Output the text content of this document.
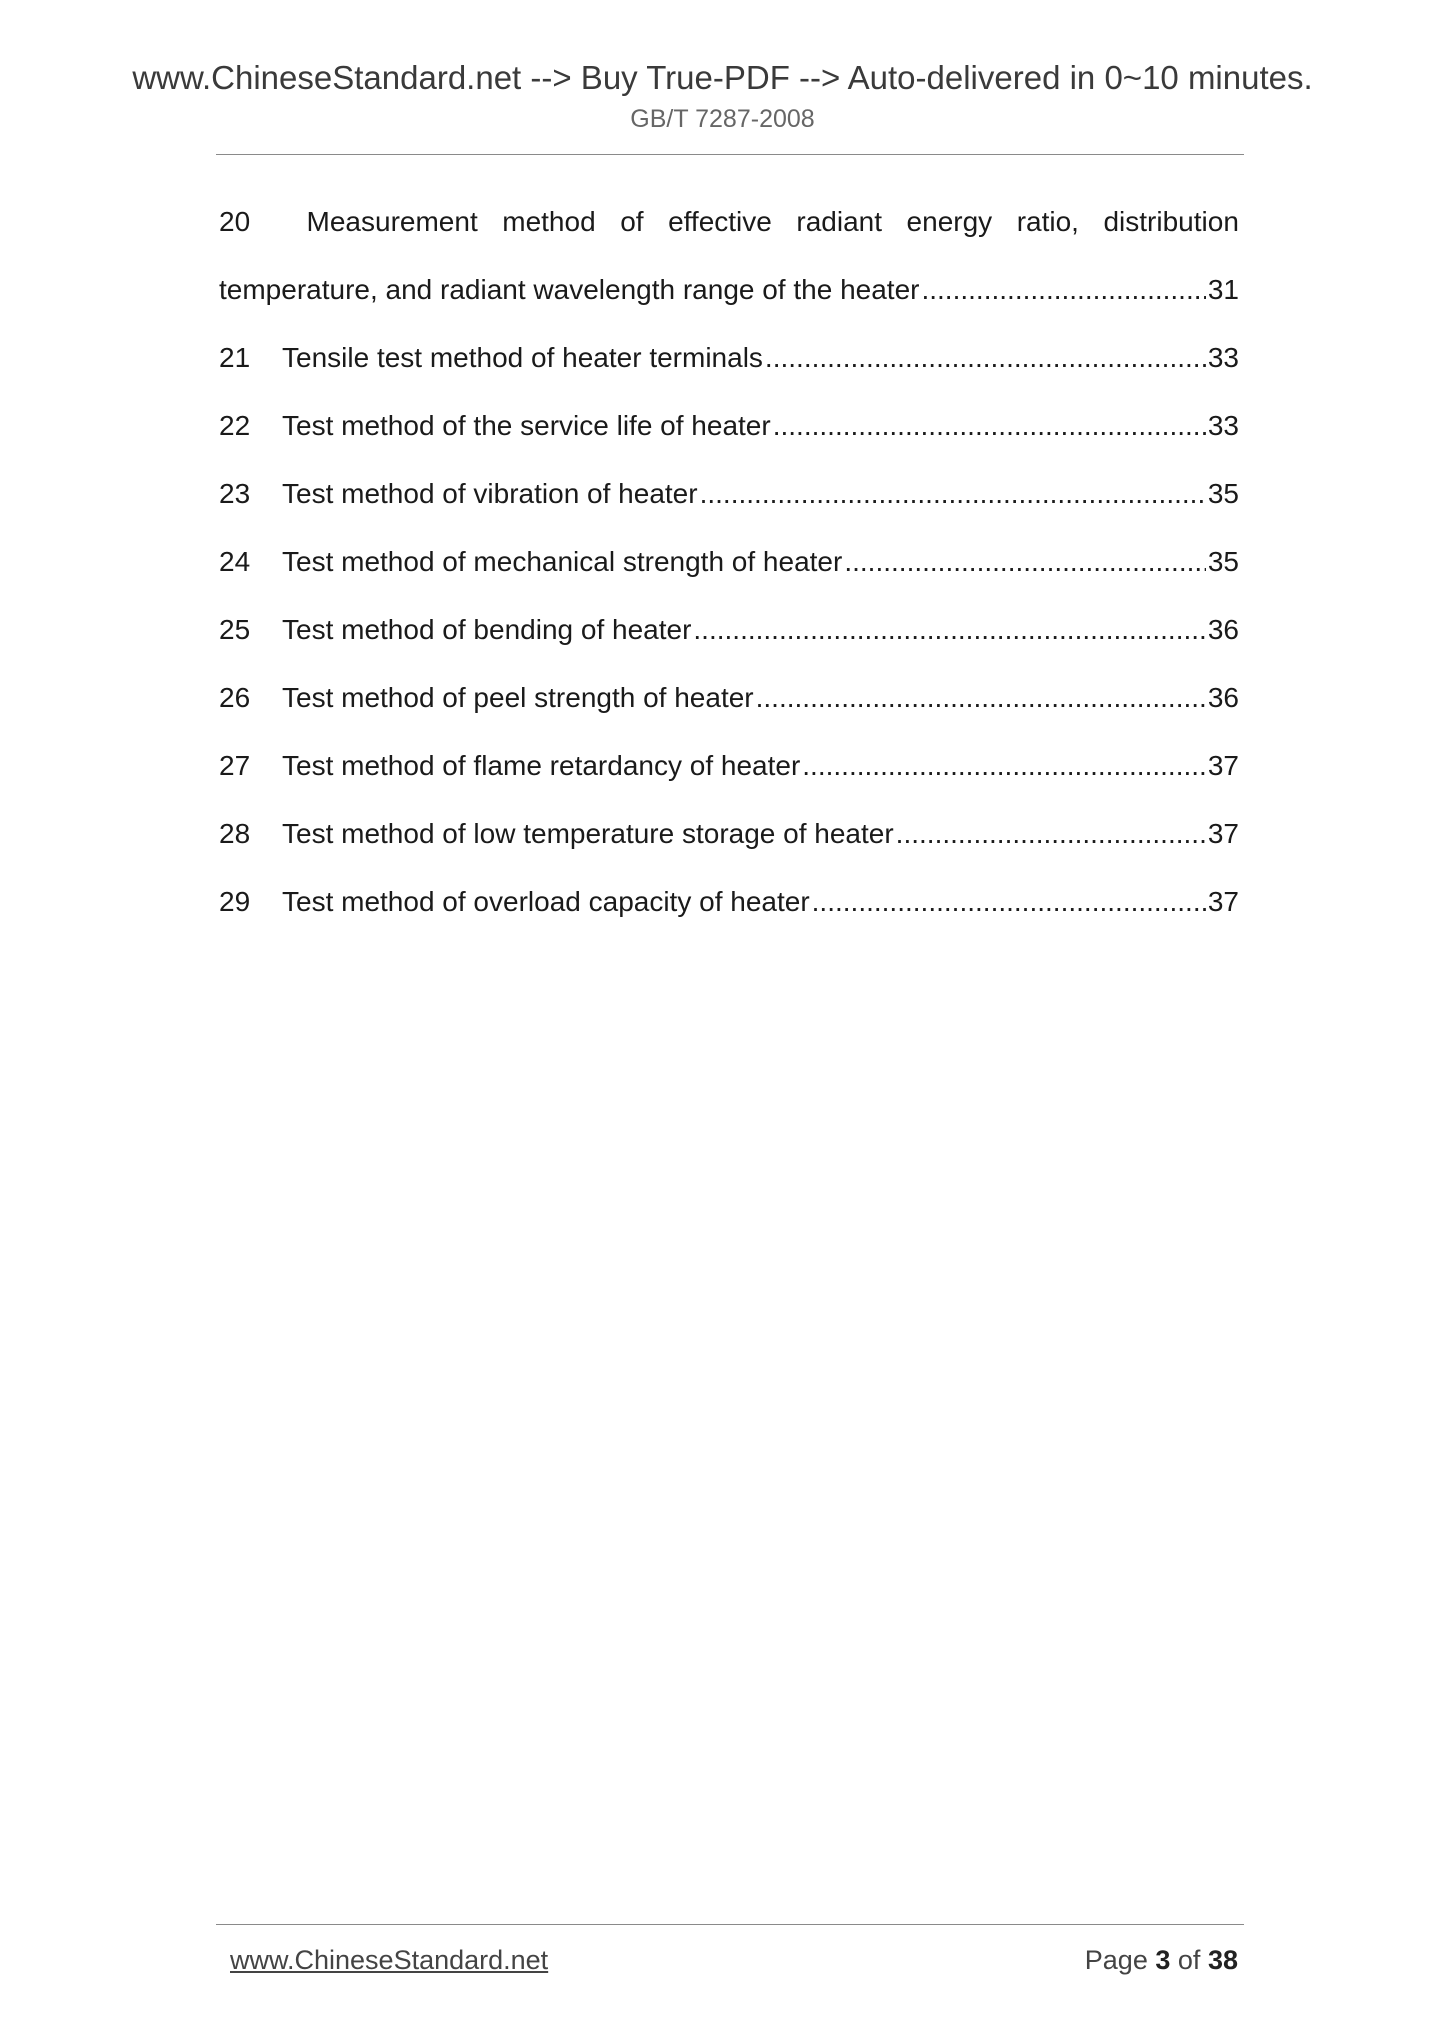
www.ChineseStandard.net --> Buy True-PDF --> Auto-delivered in 0~10 minutes.
GB/T 7287-2008
20	Measurement method of effective radiant energy ratio, distribution
temperature, and radiant wavelength range of the heater .....	31
21	Tensile test method of heater terminals .....	33
22	Test method of the service life of heater .....	33
23	Test method of vibration of heater .....	35
24	Test method of mechanical strength of heater .....	35
25	Test method of bending of heater .....	36
26	Test method of peel strength of heater .....	36
27	Test method of flame retardancy of heater .....	37
28	Test method of low temperature storage of heater .....	37
29	Test method of overload capacity of heater .....	37
www.ChineseStandard.net	Page 3 of 38
